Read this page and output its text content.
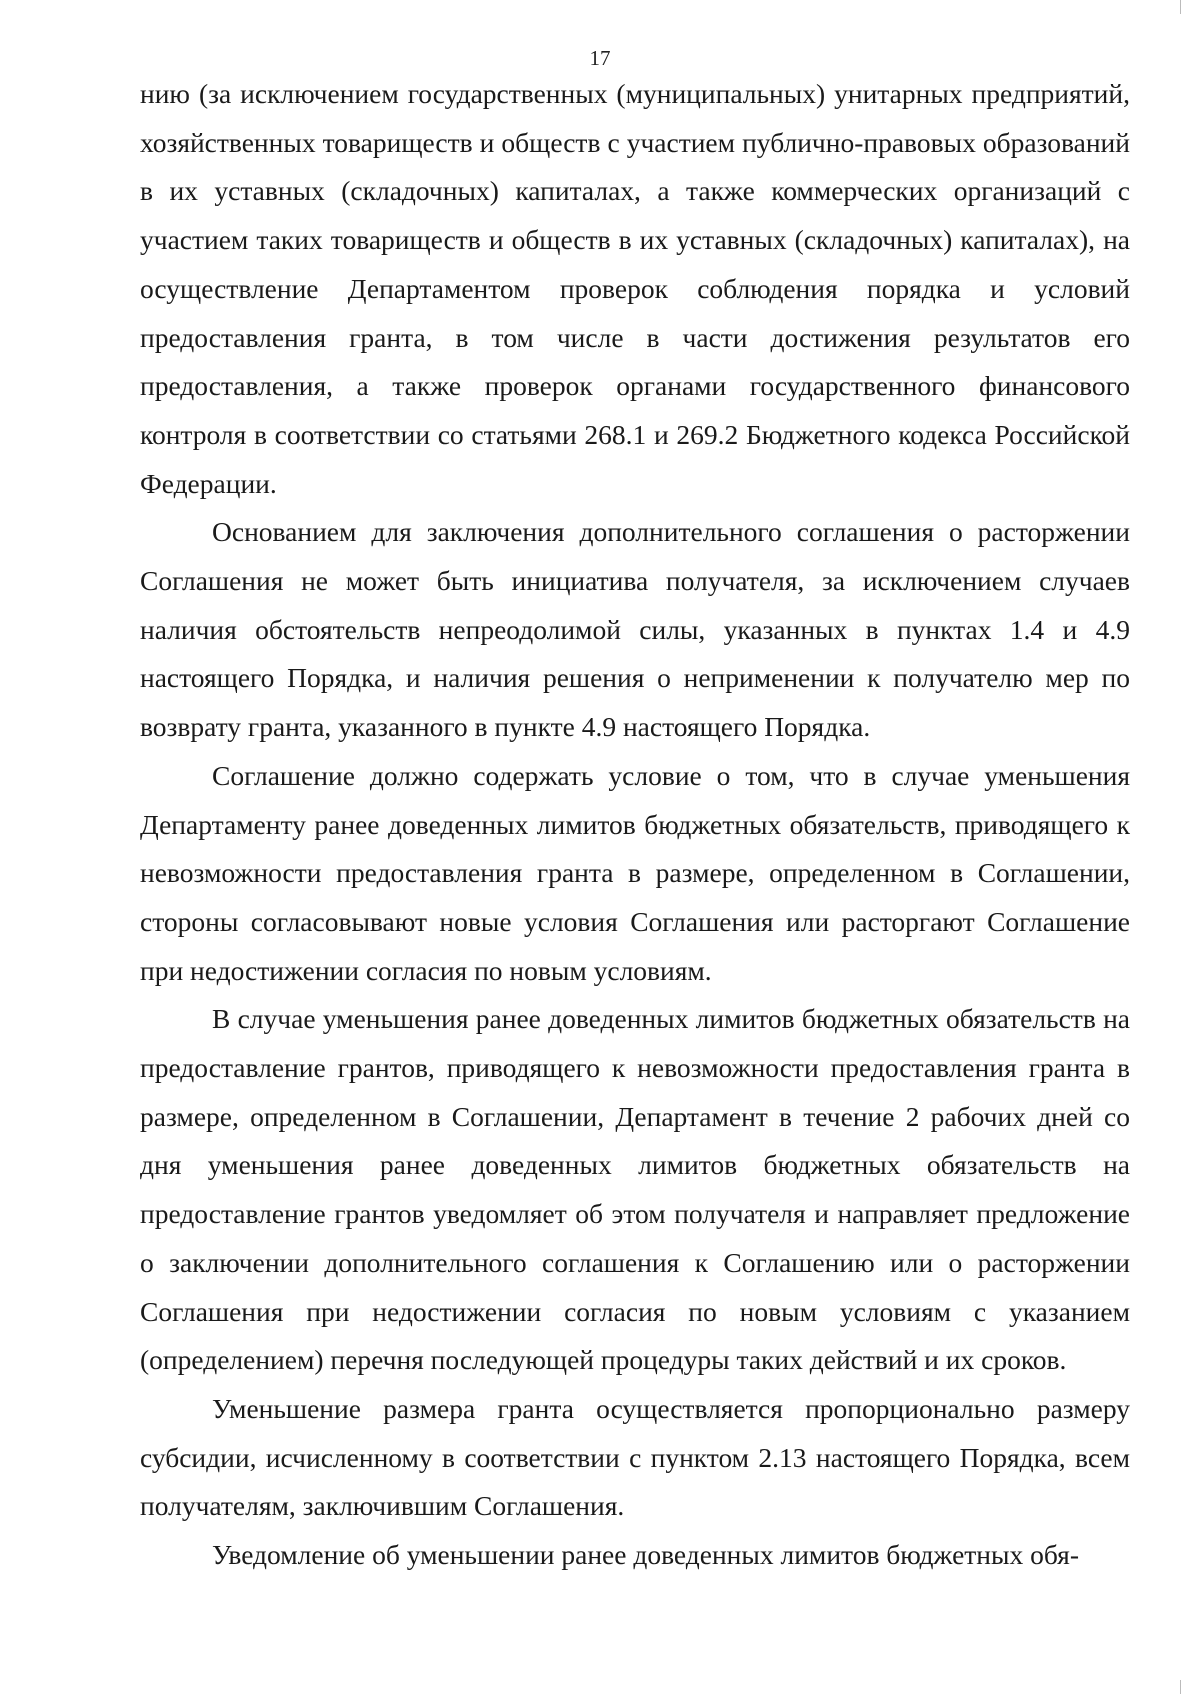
17

нию (за исключением государственных (муниципальных) унитарных предприятий, хозяйственных товариществ и обществ с участием публично-правовых образований в их уставных (складочных) капиталах, а также коммерческих организаций с участием таких товариществ и обществ в их уставных (складочных) капиталах), на осуществление Департаментом проверок соблюдения порядка и условий предоставления гранта, в том числе в части достижения результатов его предоставления, а также проверок органами государственного финансового контроля в соответствии со статьями 268.1 и 269.2 Бюджетного кодекса Российской Федерации.

Основанием для заключения дополнительного соглашения о расторжении Соглашения не может быть инициатива получателя, за исключением случаев наличия обстоятельств непреодолимой силы, указанных в пунктах 1.4 и 4.9 настоящего Порядка, и наличия решения о неприменении к получателю мер по возврату гранта, указанного в пункте 4.9 настоящего Порядка.

Соглашение должно содержать условие о том, что в случае уменьшения Департаменту ранее доведенных лимитов бюджетных обязательств, приводящего к невозможности предоставления гранта в размере, определенном в Соглашении, стороны согласовывают новые условия Соглашения или расторгают Соглашение при недостижении согласия по новым условиям.

В случае уменьшения ранее доведенных лимитов бюджетных обязательств на предоставление грантов, приводящего к невозможности предоставления гранта в размере, определенном в Соглашении, Департамент в течение 2 рабочих дней со дня уменьшения ранее доведенных лимитов бюджетных обязательств на предоставление грантов уведомляет об этом получателя и направляет предложение о заключении дополнительного соглашения к Соглашению или о расторжении Соглашения при недостижении согласия по новым условиям с указанием (определением) перечня последующей процедуры таких действий и их сроков.

Уменьшение размера гранта осуществляется пропорционально размеру субсидии, исчисленному в соответствии с пунктом 2.13 настоящего Порядка, всем получателям, заключившим Соглашения.

Уведомление об уменьшении ранее доведенных лимитов бюджетных обя-
